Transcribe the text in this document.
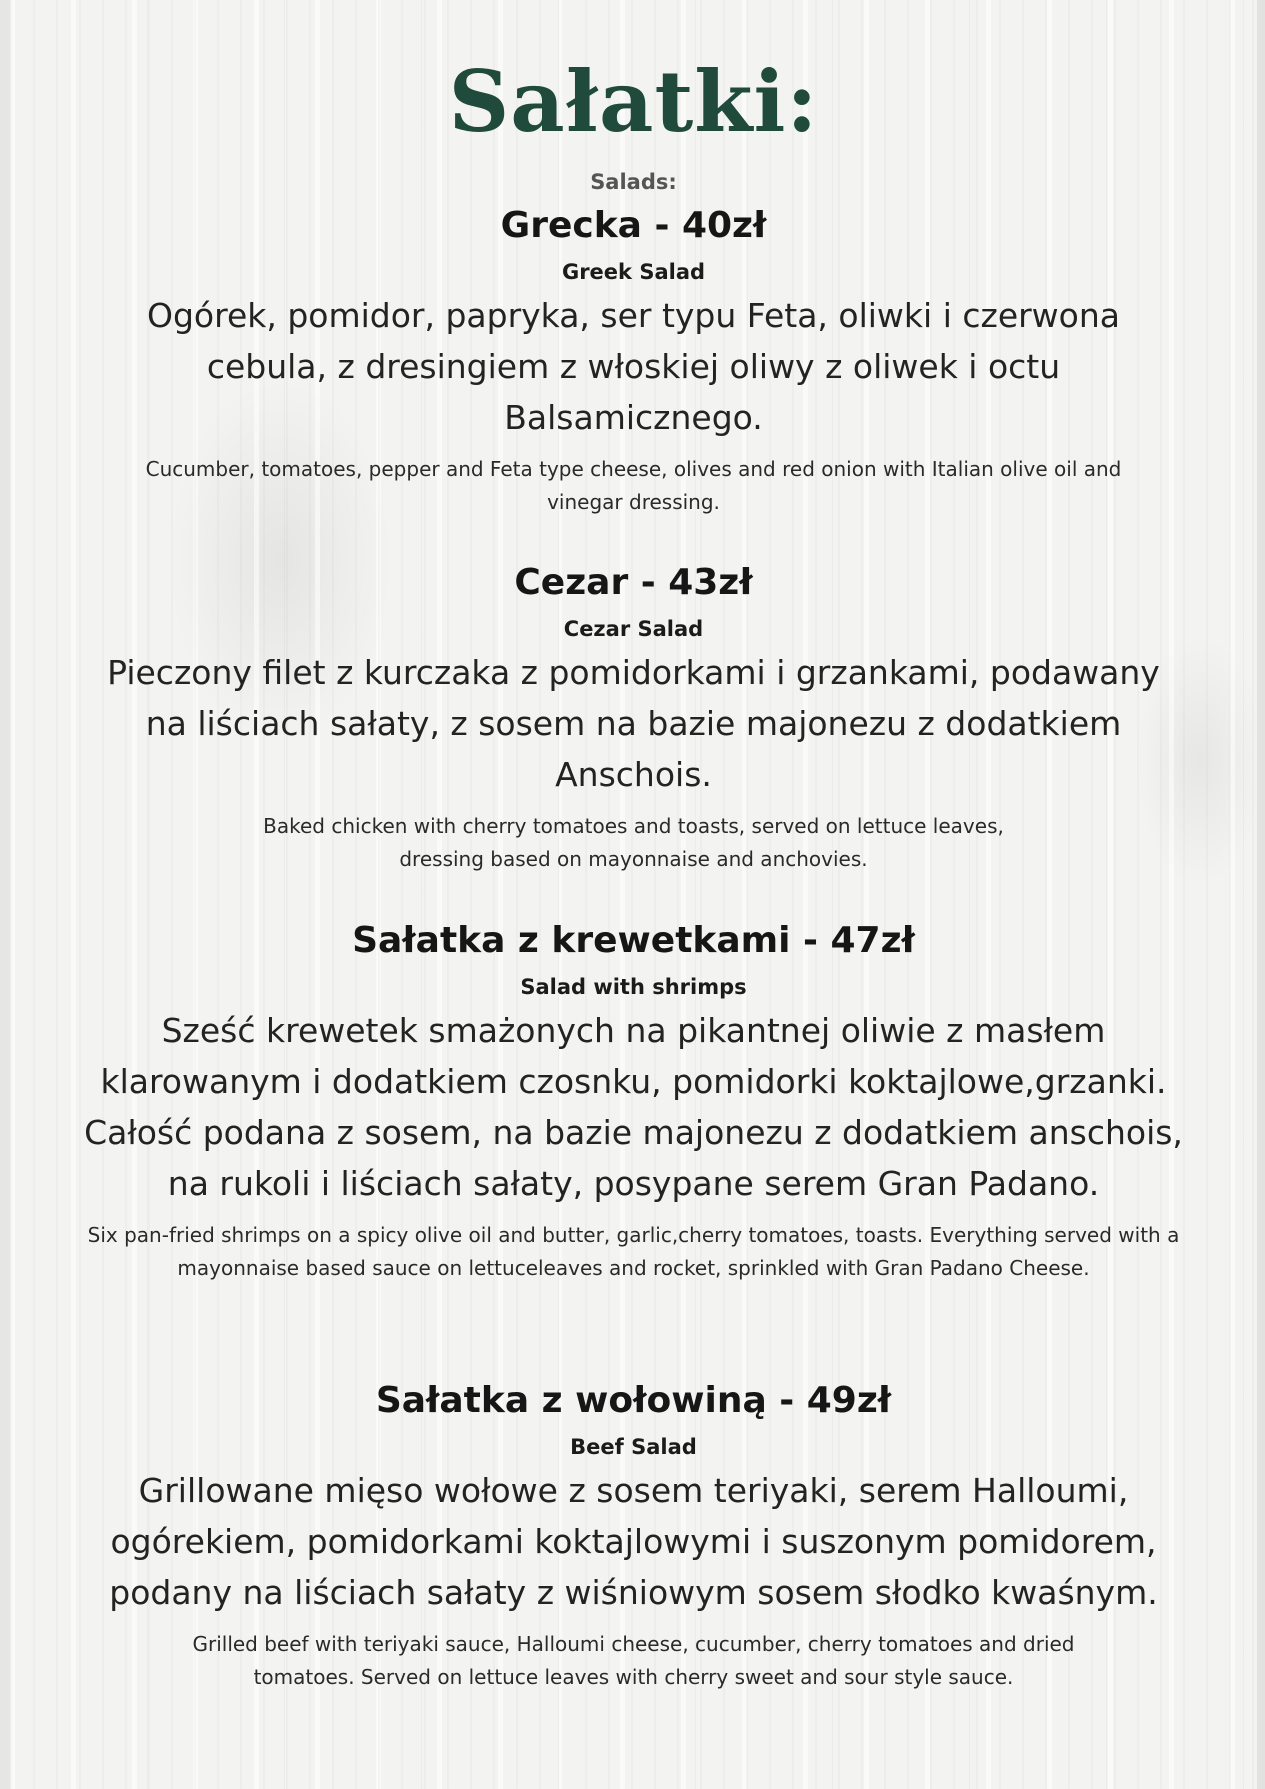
Sałatki:
Salads:
Grecka - 40zł
Greek Salad
Ogórek, pomidor, papryka, ser typu Feta, oliwki i czerwona cebula, z dresingiem z włoskiej oliwy z oliwek i octu Balsamicznego.
Cucumber, tomatoes, pepper and Feta type cheese, olives and red onion with Italian olive oil and vinegar dressing.
Cezar - 43zł
Cezar Salad
Pieczony filet z kurczaka z pomidorkami i grzankami, podawany na liściach sałaty, z sosem na bazie majonezu z dodatkiem Anschois.
Baked chicken with cherry tomatoes and toasts, served on lettuce leaves, dressing based on mayonnaise and anchovies.
Sałatka z krewetkami - 47zł
Salad with shrimps
Sześć krewetek smażonych na pikantnej oliwie z masłem klarowanym i dodatkiem czosnku, pomidorki koktajlowe,grzanki. Całość podana z sosem, na bazie majonezu z dodatkiem anschois, na rukoli i liściach sałaty, posypane serem Gran Padano.
Six pan-fried shrimps on a spicy olive oil and butter, garlic,cherry tomatoes, toasts. Everything served with a mayonnaise based sauce on lettuceleaves and rocket, sprinkled with Gran Padano Cheese.
Sałatka z wołowiną - 49zł
Beef Salad
Grillowane mięso wołowe z sosem teriyaki, serem Halloumi, ogórekiem, pomidorkami koktajlowymi i suszonym pomidorem, podany na liściach sałaty z wiśniowym sosem słodko kwaśnym.
Grilled beef with teriyaki sauce, Halloumi cheese, cucumber, cherry tomatoes and dried tomatoes. Served on lettuce leaves with cherry sweet and sour style sauce.
